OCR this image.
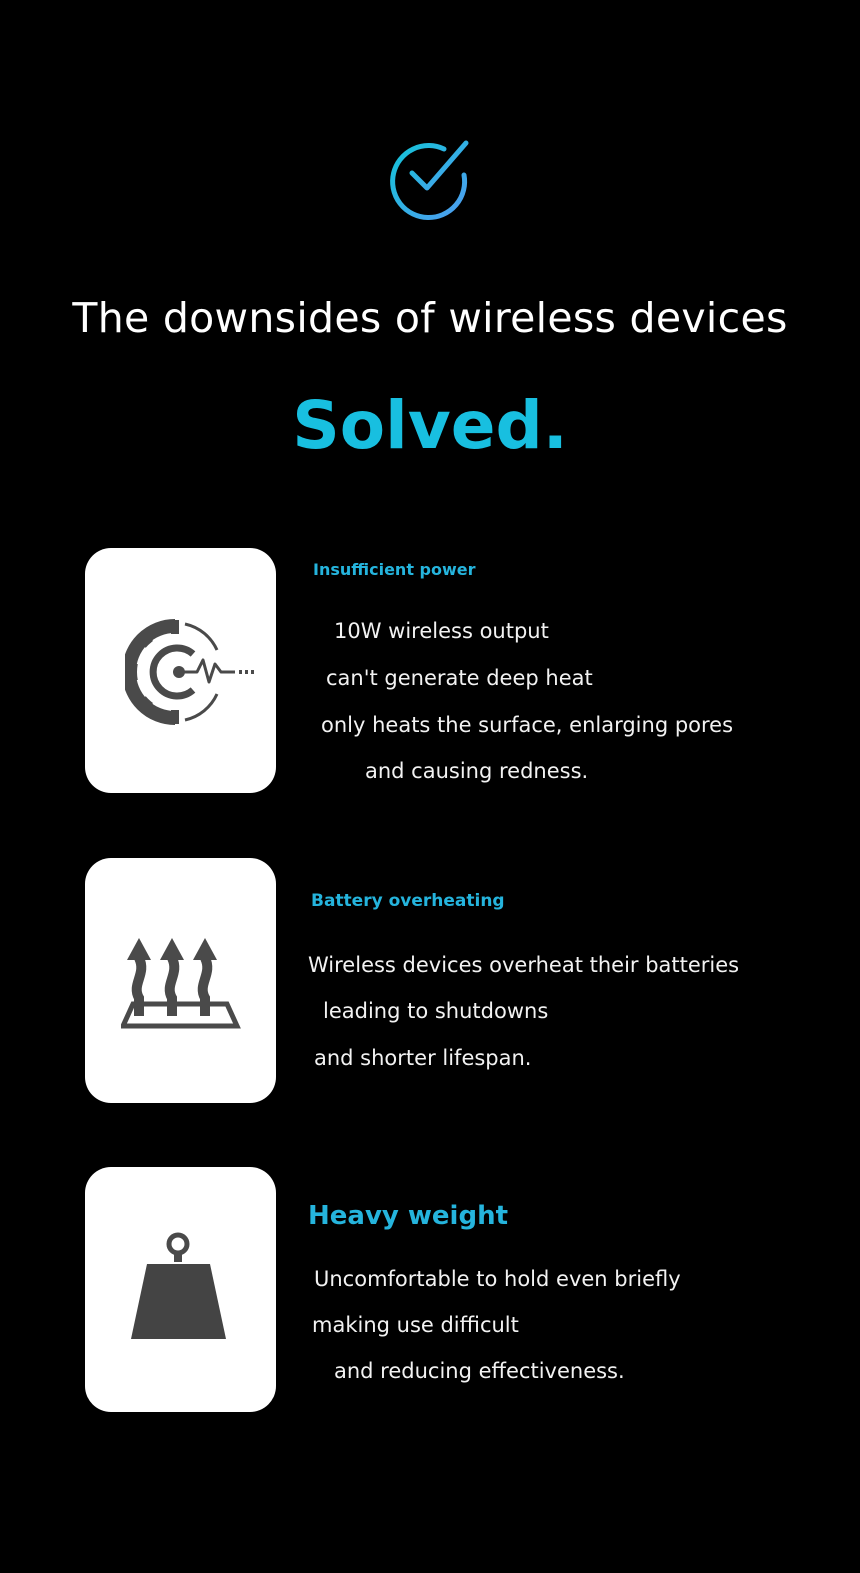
The downsides of wireless devices
Solved.
Insufficient power
10W wireless output
can't generate deep heat
only heats the surface, enlarging pores
and causing redness.
Battery overheating
Wireless devices overheat their batteries
leading to shutdowns
and shorter lifespan.
Heavy weight
Uncomfortable to hold even briefly
making use difficult
and reducing effectiveness.
